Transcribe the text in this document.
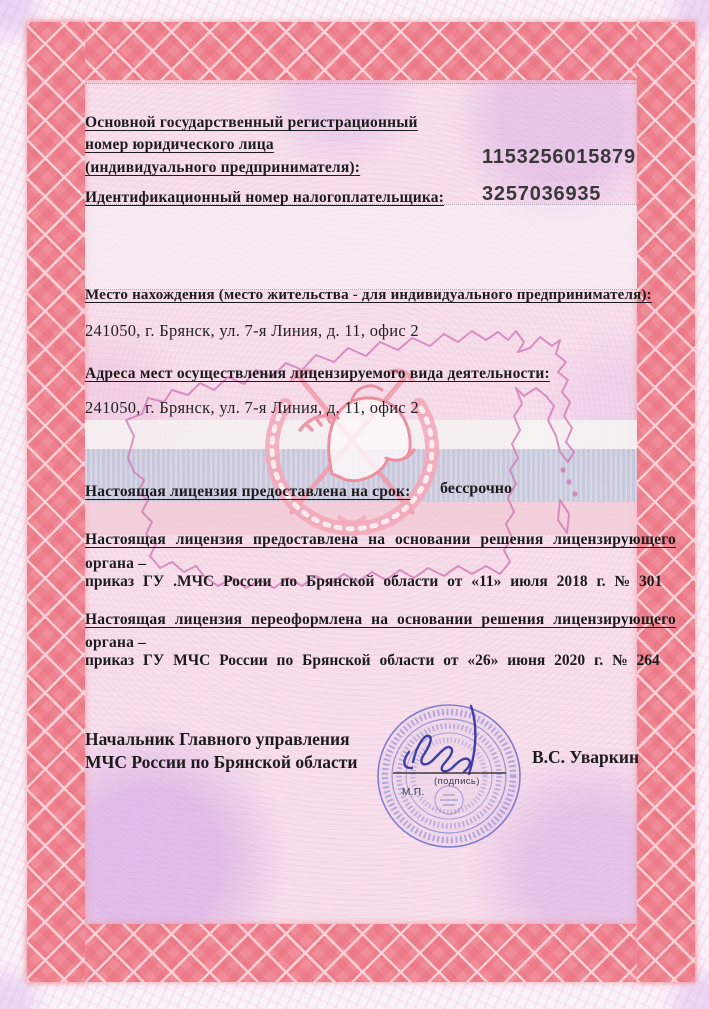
Основной государственный регистрационный
номер юридического лица
(индивидуального предпринимателя):	1153256015879
Идентификационный номер налогоплательщика: 3257036935
Место нахождения (место жительства - для индивидуального предпринимателя):
241050, г. Брянск, ул. 7-я Линия, д. 11, офис 2
Адреса мест осуществления лицензируемого вида деятельности:
241050, г. Брянск, ул. 7-я Линия, д. 11, офис 2
Настоящая лицензия предоставлена на срок: бессрочно
Настоящая лицензия предоставлена на основании решения лицензирующего
органа –
приказ ГУ .МЧС России по Брянской области от «11» июля 2018 г. № 301
Настоящая лицензия переоформлена на основании решения лицензирующего
органа –
приказ ГУ МЧС России по Брянской области от «26» июня 2020 г. № 264
(подпись)
М.П.
Начальник Главного управления
МЧС России по Брянской области	В.С. Уваркин
